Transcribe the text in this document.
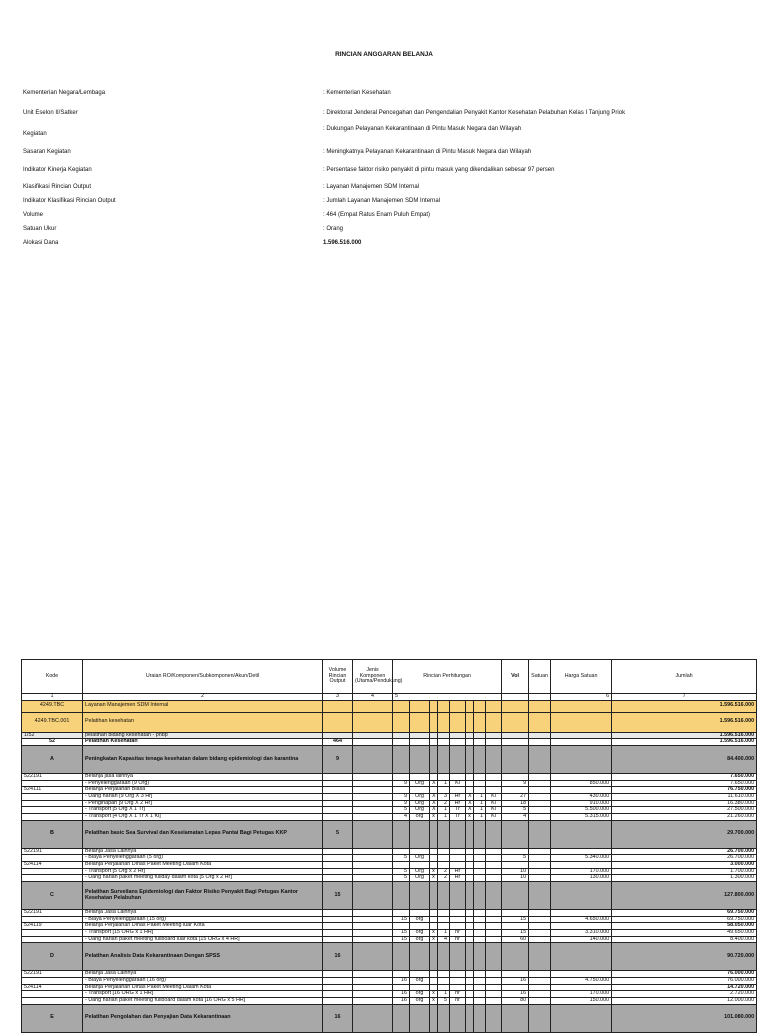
RINCIAN ANGGARAN BELANJA
Kementerian Negara/Lembaga	: Kementerian Kesehatan
Unit Eselon II/Satker	: Direktorat Jenderal Pencegahan dan Pengendalian Penyakit Kantor Kesehatan Pelabuhan Kelas I Tanjung Priok
Kegiatan
: Dukungan Pelayanan Kekarantinaan di Pintu Masuk Negara dan Wilayah
Sasaran Kegiatan	: Meningkatnya Pelayanan Kekarantinaan di Pintu Masuk Negara dan Wilayah
Indikator Kinerja Kegiatan	: Persentase faktor risiko penyakit di pintu masuk yang dikendalikan sebesar 97 persen
Klasifikasi Rincian Output	: Layanan Manajemen SDM Internal
Indikator Klasifikasi Rincian Output	: Jumlah Layanan Manajemen SDM Internal
Volume	: 464 (Empat Ratus Enam Puluh Empat)
Satuan Ukur	: Orang
Alokasi Dana	1.596.516.000
Kode	Uraian RO/Komponen/Subkomponen/Akun/Detil	Volume Rincian Output	Jenis Komponen (Utama/Pendukung)	Rincian Perhitungan								Vol	Satuan	Harga Satuan	Jumlah
1	2	3	4	5										6	7
4249.TBC	Layanan Manajemen SDM Internal														1.596.516.000
4249.TBC.001	Pelatihan kesehatan														1.596.516.000
1/52	pelatihan bidang kesehatan - pnbp														1.596.516.000
52	Pelatihan Kesehatan	464													1.596.516.000
A	Peningkatan Kapasitas tenaga kesehatan dalam bidang epidemiologi dan karantina	9													84.400.000
522191	Belanja jasa lainnya														7.650.000
	- Penyelenggaraan (9 Org)			9	Org	X	1	Kl				9		850.000	7.650.000
524111	Belanja Perjalanan Biasa														76.750.000
	- Uang harian [9 Org X 3 Hr]			9	Org	X	3	Hr	X	1	Kl	27		430.000	11.610.000
	- Penginapan [9 Org X 2 Hr]			9	Org	X	2	Hr	X	1	Kl	18		910.000	16.380.000
	- Transport [5 Org X 1 Tr]			5	Org	X	1	Tr	X	1	Kl	5		5.500.000	27.500.000
	- Transport [4 Org X 1 Tr X 1 Kl]			4	org	x	1	Tr	x	1	Kl	4		5.315.000	21.260.000
B	Pelatihan basic Sea Survival dan Keselamatan Lepas Pantai Bagi Petugas KKP	5													29.700.000
522191	Belanja Jasa Lainnya														26.700.000
	- Biaya Penyelenggaraan (5 org)			5	Org							5		5.340.000	26.700.000
524114	Belanja Perjalanan Dinas Paket Meeting Dalam Kota														3.000.000
	- Transport [5 Org x 2 Hr]			5	Org	x	2	Hr				10		170.000	1.700.000
	- Uang harian paket meeting fullday dalam kota [5 Org x 2 Hr]			5	Org	x	2	Hr				10		130.000	1.300.000
C	Pelatihan Surveilans Epidemiologi dan Faktor Risiko Penyakit Bagi Petugas Kantor Kesehatan Pelabuhan	15													127.800.000
522191	Belanja Jasa Lainnya														69.750.000
	- Biaya Penyelenggaraan (15 org)			15	org							15		4.650.000	69.750.000
524119	Belanja Perjalanan Dinas Paket Meeting luar Kota														58.050.000
	- Transport [15 ORG x 1 HR]			15	org	x	1	hr				15		3.310.000	49.650.000
	- Uang harian paket meeting fullboard luar kota [15 ORG x 4 HR]			15	org	x	4	hr				60		140.000	8.400.000
D	Pelatihan Analisis Data Kekarantinaan Dengan SPSS	16													90.720.000
522191	Belanja Jasa Lainnya														76.000.000
	- Biaya Penyelenggaraan (16 org)			16	org							16		4.750.000	76.000.000
524114	Belanja Perjalanan Dinas Paket Meeting Dalam Kota														14.720.000
	- Transport [16 ORG x 1 HR]			16	org	x	1	hr				16		170.000	2.720.000
	- Uang harian paket meeting fullboard dalam kota [16 ORG x 5 HR]			16	org	x	5	hr				80		150.000	12.000.000
E	Pelatihan Pengolahan dan Penyajian Data Kekarantinaan	16													101.080.000
